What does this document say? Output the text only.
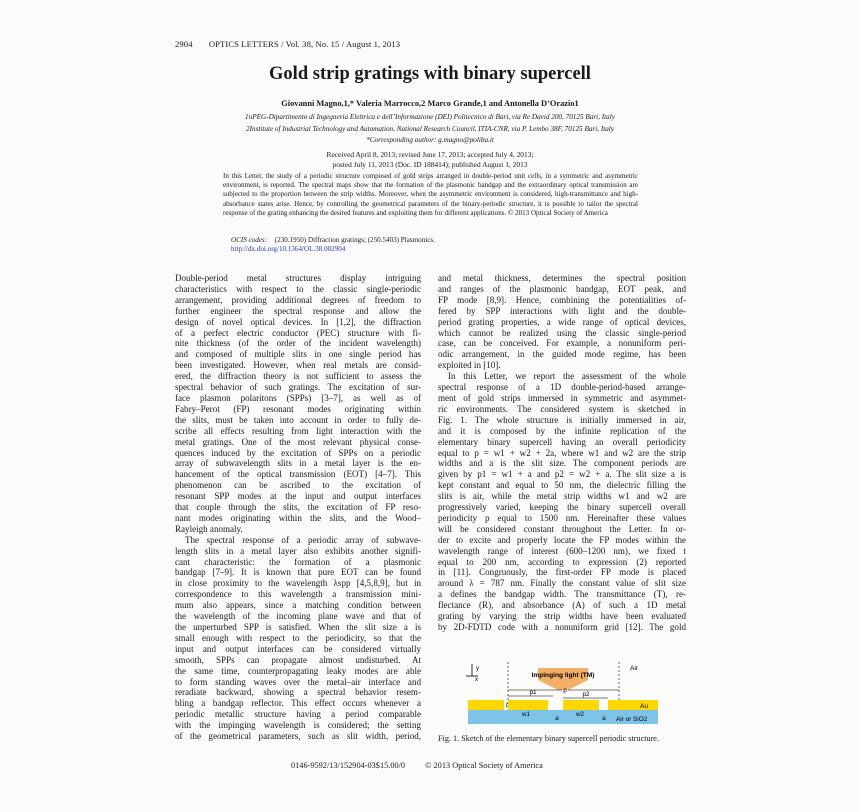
2904 OPTICS LETTERS / Vol. 38, No. 15 / August 1, 2013
Gold strip gratings with binary supercell
Giovanni Magno,1,* Valeria Marrocco,2 Marco Grande,1 and Antonella D’Orazio1
1nPEG-Dipartimento di Ingegneria Elettrica e dell’Informazione (DEI) Politecnico di Bari, via Re David 200, 70125 Bari, Italy
2Institute of Industrial Technology and Automation, National Research Council, ITIA-CNR, via P. Lembo 38F, 70125 Bari, Italy
*Corresponding author: g.magno@poliba.it
Received April 8, 2013; revised June 17, 2013; accepted July 4, 2013;
posted July 11, 2013 (Doc. ID 188414); published August 1, 2013
In this Letter, the study of a periodic structure composed of gold strips arranged in double-period unit cells, in a symmetric and asymmetric environment, is reported. The spectral maps show that the formation of the plasmonic bandgap and the extraordinary optical transmission are subjected to the proportion between the strip widths. Moreover, when the asymmetric environment is considered, high-transmittance and high-absorbance states arise. Hence, by controlling the geometrical parameters of the binary-periodic structure, it is possible to tailor the spectral response of the grating enhancing the desired features and exploiting them for different applications. © 2013 Optical Society of America
OCIS codes: (230.1950) Diffraction gratings; (250.5403) Plasmonics.
http://dx.doi.org/10.1364/OL.38.002904
Double-period metal structures display intriguing
characteristics with respect to the classic single-periodic
arrangement, providing additional degrees of freedom to
further engineer the spectral response and allow the
design of novel optical devices. In [1,2], the diffraction
of a perfect electric conductor (PEC) structure with fi-
nite thickness (of the order of the incident wavelength)
and composed of multiple slits in one single period has
been investigated. However, when real metals are consid-
ered, the diffraction theory is not sufficient to assess the
spectral behavior of such gratings. The excitation of sur-
face plasmon polaritons (SPPs) [3–7], as well as of
Fabry–Perot (FP) resonant modes originating within
the slits, must be taken into account in order to fully de-
scribe all effects resulting from light interaction with the
metal gratings. One of the most relevant physical conse-
quences induced by the excitation of SPPs on a periodic
array of subwavelength slits in a metal layer is the en-
hancement of the optical transmission (EOT) [4–7]. This
phenomenon can be ascribed to the excitation of
resonant SPP modes at the input and output interfaces
that couple through the slits, the excitation of FP reso-
nant modes originating within the slits, and the Wood–
Rayleigh anomaly.
The spectral response of a periodic array of subwave-
length slits in a metal layer also exhibits another signifi-
cant characteristic: the formation of a plasmonic
bandgap [7–9]. It is known that pure EOT can be found
in close proximity to the wavelength λspp [4,5,8,9], but in
correspondence to this wavelength a transmission mini-
mum also appears, since a matching condition between
the wavelength of the incoming plane wave and that of
the unperturbed SPP is satisfied. When the slit size a is
small enough with respect to the periodicity, so that the
input and output interfaces can be considered virtually
smooth, SPPs can propagate almost undisturbed. At
the same time, counterpropagating leaky modes are able
to form standing waves over the metal–air interface and
reradiate backward, showing a spectral behavior resem-
bling a bandgap reflector. This effect occurs whenever a
periodic metallic structure having a period comparable
with the impinging wavelength is considered; the setting
of the geometrical parameters, such as slit width, period,
and metal thickness, determines the spectral position
and ranges of the plasmonic bandgap, EOT peak, and
FP mode [8,9]. Hence, combining the potentialities of-
fered by SPP interactions with light and the double-
period grating properties, a wide range of optical devices,
which cannot be realized using the classic single-period
case, can be conceived. For example, a nonuniform peri-
odic arrangement, in the guided mode regime, has been
exploited in [10].
In this Letter, we report the assessment of the whole
spectral response of a 1D double-period-based arrange-
ment of gold strips immersed in symmetric and asymmet-
ric environments. The considered system is sketched in
Fig. 1. The whole structure is initially immersed in air,
and it is composed by the infinite replication of the
elementary binary supercell having an overall periodicity
equal to p = w1 + w2 + 2a, where w1 and w2 are the strip
widths and a is the slit size. The component periods are
given by p1 = w1 + a and p2 = w2 + a. The slit size a is
kept constant and equal to 50 nm, the dielectric filling the
slits is air, while the metal strip widths w1 and w2 are
progressively varied, keeping the binary supercell overall
periodicity p equal to 1500 nm. Hereinafter these values
will be considered constant throughout the Letter. In or-
der to excite and properly locate the FP modes within the
wavelength range of interest (600–1200 nm), we fixed t
equal to 200 nm, according to expression (2) reported
in [11]. Congruously, the first-order FP mode is placed
around λ = 787 nm. Finally the constant value of slit size
a defines the bandgap width. The transmittance (T), re-
flectance (R), and absorbance (A) of such a 1D metal
grating by varying the strip widths have been evaluated
by 2D-FDTD code with a nonuniform grid [12]. The gold
y
x
Impinging light (TM)
Air
p
p1	p2
Au
Air or SiO2
w1	w2
a	a
t
Fig. 1. Sketch of the elementary binary supercell periodic structure.
0146-9592/13/152904-03$15.00/0 © 2013 Optical Society of America
